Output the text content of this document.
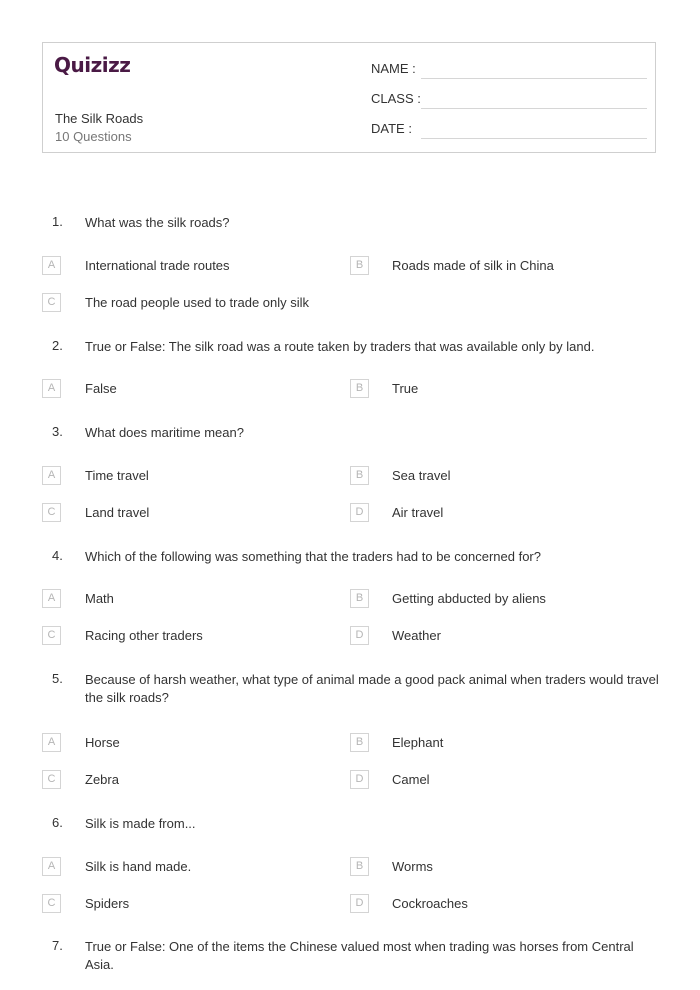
Quizizz
The Silk Roads
10 Questions
NAME :
CLASS :
DATE :
1.	What was the silk roads?
A	International trade routes	B	Roads made of silk in China
C	The road people used to trade only silk
2.	True or False: The silk road was a route taken by traders that was available only by land.
A	False	B	True
3.	What does maritime mean?
A	Time travel	B	Sea travel
C	Land travel	D	Air travel
4.	Which of the following was something that the traders had to be concerned for?
A	Math	B	Getting abducted by aliens
C	Racing other traders	D	Weather
5.	Because of harsh weather, what type of animal made a good pack animal when traders would travel the silk roads?
A	Horse	B	Elephant
C	Zebra	D	Camel
6.	Silk is made from...
A	Silk is hand made.	B	Worms
C	Spiders	D	Cockroaches
7.	True or False: One of the items the Chinese valued most when trading was horses from Central Asia.
